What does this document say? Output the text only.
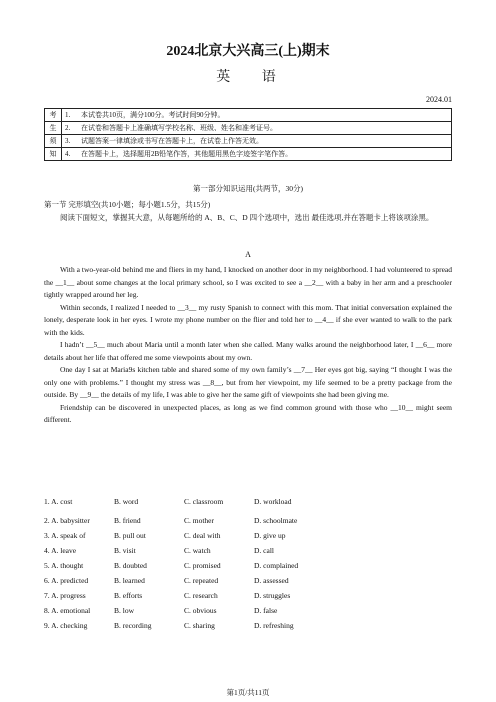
2024北京大兴高三(上)期末
英 语
2024.01
考	1.	本试卷共10页，满分100分。考试时间90分钟。
生	2.	在试卷和答题卡上准确填写学校名称、班级、姓名和准考证号。
须	3.	试题答案一律填涂或书写在答题卡上，在试卷上作答无效。
知	4.	在答题卡上，选择题用2B铅笔作答，其他题用黑色字迹签字笔作答。
第一部分知识运用(共两节，30分)
第一节 完形填空(共10小题；每小题1.5分，共15分)
阅读下面短文，掌握其大意，从每题所给的 A、B、C、D 四个选项中，选出 最佳选项,并在答题卡上将该项涂黑。
A

With a two-year-old behind me and fliers in my hand, I knocked on another door in my neighborhood. I had volunteered to spread the __1__ about some changes at the local primary school, so I was excited to see a __2__ with a baby in her arm and a preschooler tightly wrapped around her leg.

Within seconds, I realized I needed to __3__ my rusty Spanish to connect with this mom. That initial conversation explained the lonely, desperate look in her eyes. I wrote my phone number on the flier and told her to __4__ if she ever wanted to walk to the park with the kids.

I hadn’t __5__ much about Maria until a month later when she called. Many walks around the neighborhood later, I __6__ more details about her life that offered me some viewpoints about my own.

One day I sat at Maria9s kitchen table and shared some of my own family’s __7__ Her eyes got big, saying “I thought I was the only one with problems.” I thought my stress was __8__, but from her viewpoint, my life seemed to be a pretty package from the outside. By __9__ the details of my life, I was able to give her the same gift of viewpoints she had been giving me.

Friendship can be discovered in unexpected places, as long as we find common ground with those who __10__ might seem different.

1. A. cost	B. word	C. classroom	D. workload
2. A. babysitter	B. friend	C. mother	D. schoolmate
3. A. speak of	B. pull out	C. deal with	D. give up
4. A. leave	B. visit	C. watch	D. call
5. A. thought	B. doubted	C. promised	D. complained
6. A. predicted	B. learned	C. repeated	D. assessed
7. A. progress	B. efforts	C. research	D. struggles
8. A. emotional	B. low	C. obvious	D. false
9. A. checking	B. recording	C. sharing	D. refreshing
第1页/共11页
